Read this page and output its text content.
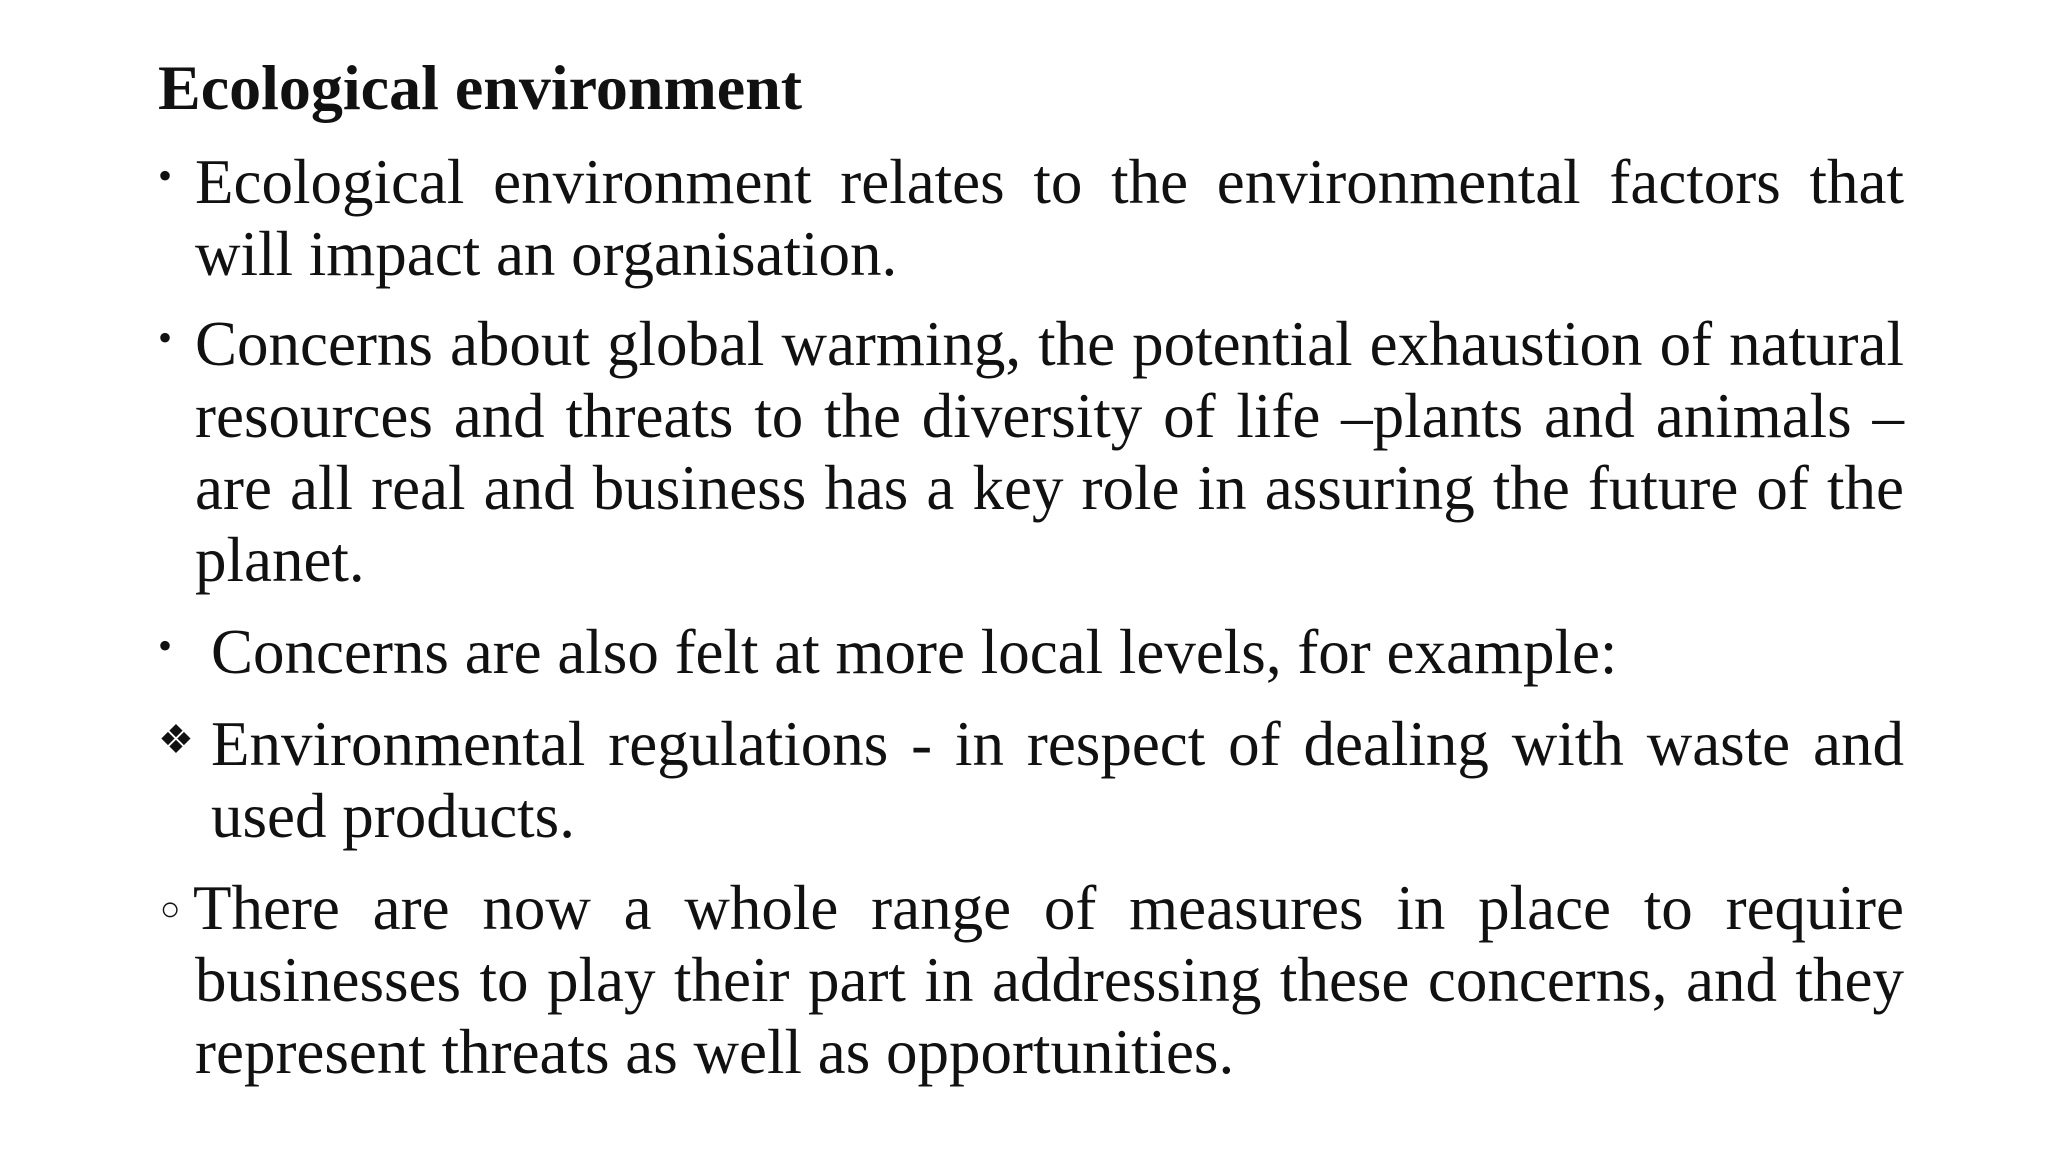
Ecological environment
• Ecological environment relates to the environmental factors that will impact an organisation.
• Concerns about global warming, the potential exhaustion of natural resources and threats to the diversity of life –plants and animals –are all real and business has a key role in assuring the future of the planet.
• Concerns are also felt at more local levels, for example:
❖ Environmental regulations - in respect of dealing with waste and used products.
○ There are now a whole range of measures in place to require businesses to play their part in addressing these concerns, and they represent threats as well as opportunities.
